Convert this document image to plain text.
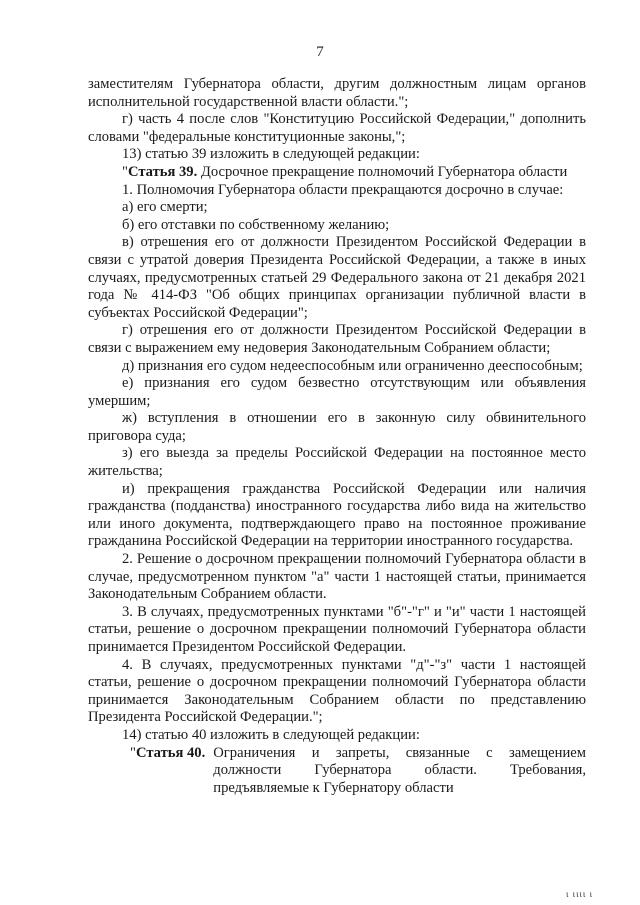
7

заместителям Губернатора области, другим должностным лицам органов исполнительной государственной власти области.";

г) часть 4 после слов "Конституцию Российской Федерации," дополнить словами "федеральные конституционные законы,";

13) статью 39 изложить в следующей редакции:

"Статья 39. Досрочное прекращение полномочий Губернатора области

1. Полномочия Губернатора области прекращаются досрочно в случае:

а) его смерти;

б) его отставки по собственному желанию;

в) отрешения его от должности Президентом Российской Федерации в связи с утратой доверия Президента Российской Федерации, а также в иных случаях, предусмотренных статьей 29 Федерального закона от 21 декабря 2021 года № 414-ФЗ "Об общих принципах организации публичной власти в субъектах Российской Федерации";

г) отрешения его от должности Президентом Российской Федерации в связи с выражением ему недоверия Законодательным Собранием области;

д) признания его судом недееспособным или ограниченно дееспособным;

е) признания его судом безвестно отсутствующим или объявления умершим;

ж) вступления в отношении его в законную силу обвинительного приговора суда;

з) его выезда за пределы Российской Федерации на постоянное место жительства;

и) прекращения гражданства Российской Федерации или наличия гражданства (подданства) иностранного государства либо вида на жительство или иного документа, подтверждающего право на постоянное проживание гражданина Российской Федерации на территории иностранного государства.

2. Решение о досрочном прекращении полномочий Губернатора области в случае, предусмотренном пунктом "а" части 1 настоящей статьи, принимается Законодательным Собранием области.

3. В случаях, предусмотренных пунктами "б"-"г" и "и" части 1 настоящей статьи, решение о досрочном прекращении полномочий Губернатора области принимается Президентом Российской Федерации.

4. В случаях, предусмотренных пунктами "д"-"з" части 1 настоящей статьи, решение о досрочном прекращении полномочий Губернатора области принимается Законодательным Собранием области по представлению Президента Российской Федерации.";

14) статью 40 изложить в следующей редакции:

"Статья 40. Ограничения и запреты, связанные с замещением
должности Губернатора области. Требования,
предъявляемые к Губернатору области
ι ιιιι ι
